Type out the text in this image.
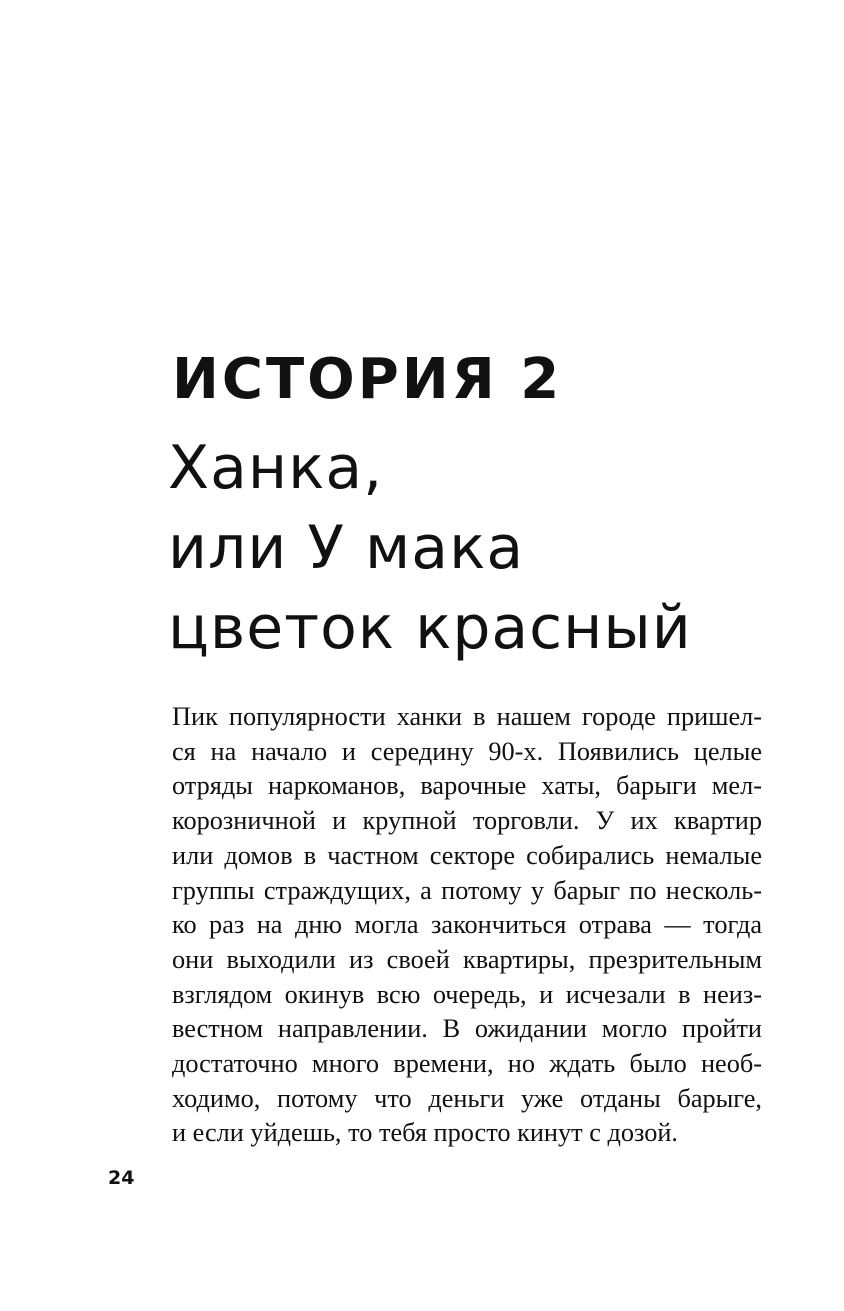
ИСТОРИЯ 2
Ханка,
или У мака
цветок красный
Пик популярности ханки в нашем городе пришел-
ся на начало и середину 90-х. Появились целые
отряды наркоманов, варочные хаты, барыги мел-
корозничной и крупной торговли. У их квартир
или домов в частном секторе собирались немалые
группы страждущих, а потому у барыг по несколь-
ко раз на дню могла закончиться отрава — тогда
они выходили из своей квартиры, презрительным
взглядом окинув всю очередь, и исчезали в неиз-
вестном направлении. В ожидании могло пройти
достаточно много времени, но ждать было необ-
ходимо, потому что деньги уже отданы барыге,
и если уйдешь, то тебя просто кинут с дозой.
24
